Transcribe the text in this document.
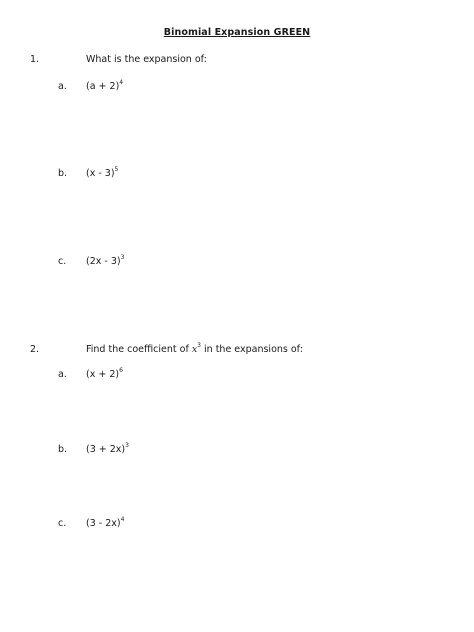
Binomial Expansion GREEN
1.	What is the expansion of:
a. $(a + 2)^4$
b. (x - 3)$^5$
c. (2x - 3)$^3$
2.	Find the coefficient of $x^3$ in the expansions of:
a. $(x + 2)^6$
b. $(3 + 2x)^3$
c. (3 - 2x)$^4$
